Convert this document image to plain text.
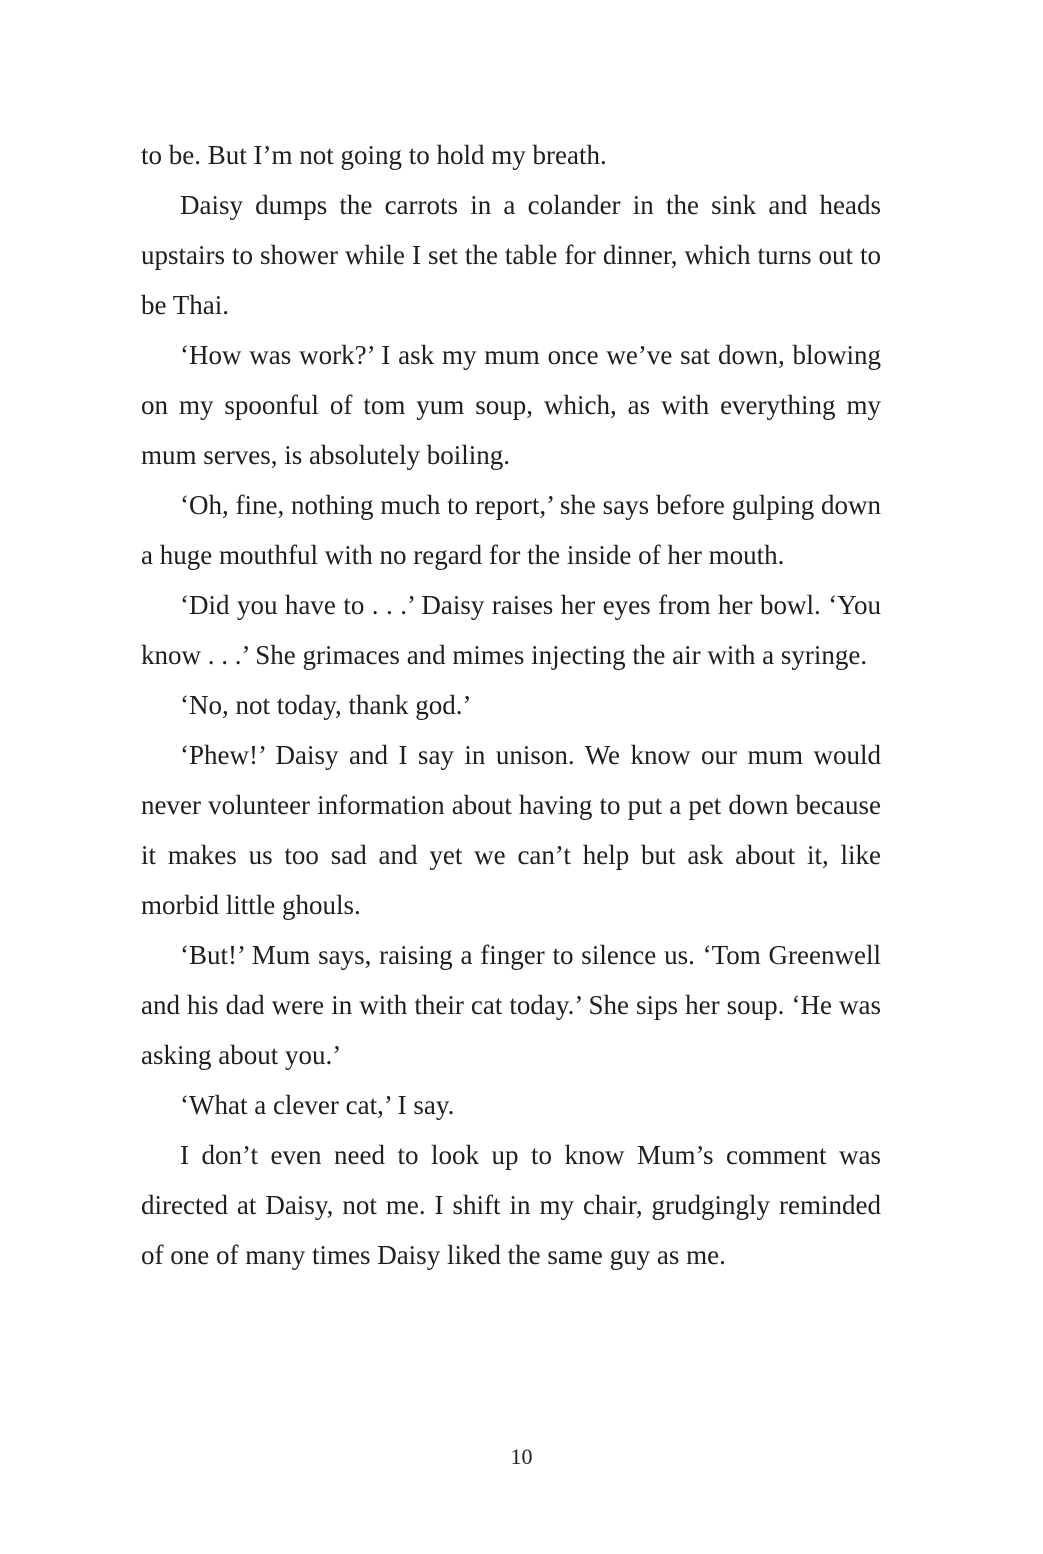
to be. But I’m not going to hold my breath.

Daisy dumps the carrots in a colander in the sink and heads upstairs to shower while I set the table for dinner, which turns out to be Thai.

‘How was work?’ I ask my mum once we’ve sat down, blowing on my spoonful of tom yum soup, which, as with everything my mum serves, is absolutely boiling.

‘Oh, fine, nothing much to report,’ she says before gulping down a huge mouthful with no regard for the inside of her mouth.

‘Did you have to . . .’ Daisy raises her eyes from her bowl. ‘You know . . .’ She grimaces and mimes injecting the air with a syringe.

‘No, not today, thank god.’

‘Phew!’ Daisy and I say in unison. We know our mum would never volunteer information about having to put a pet down because it makes us too sad and yet we can’t help but ask about it, like morbid little ghouls.

‘But!’ Mum says, raising a finger to silence us. ‘Tom Greenwell and his dad were in with their cat today.’ She sips her soup. ‘He was asking about you.’

‘What a clever cat,’ I say.

I don’t even need to look up to know Mum’s comment was directed at Daisy, not me. I shift in my chair, grudgingly reminded of one of many times Daisy liked the same guy as me.

10
